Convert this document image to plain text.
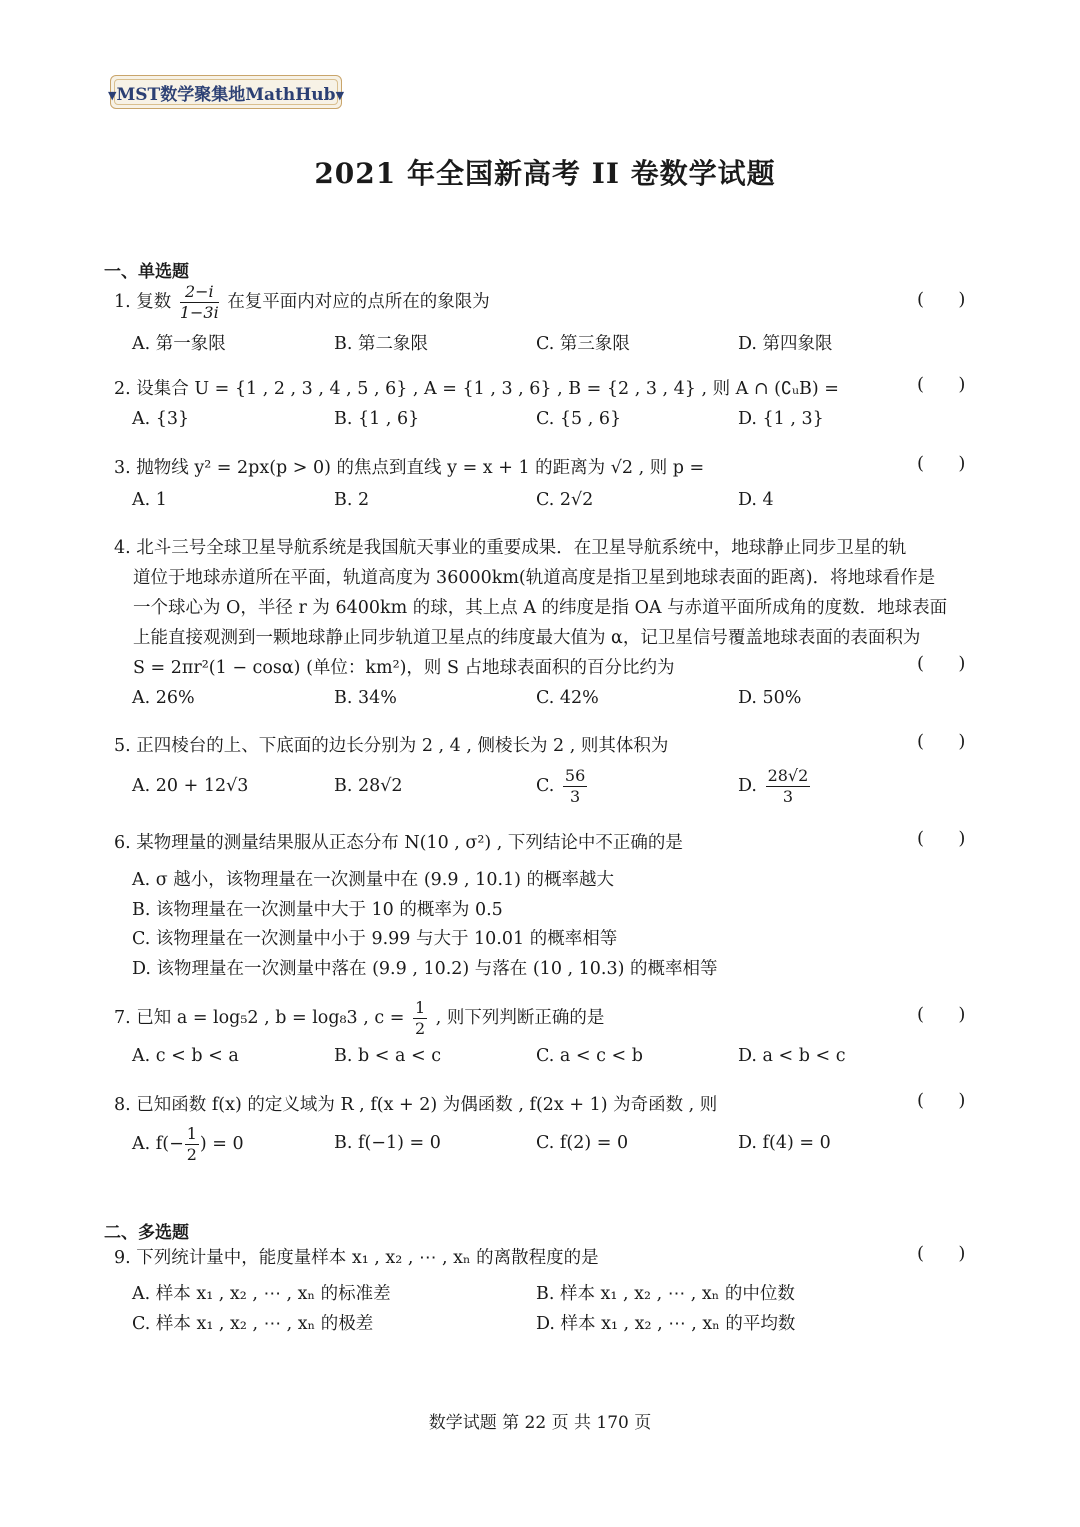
▼MST数学聚集地MathHub▼
2021 年全国新高考 II 卷数学试题
一、单选题
1. 复数 $\frac{2-i}{1-3i}$ 在复平面内对应的点所在的象限为	(      )
A. 第一象限	B. 第二象限	C. 第三象限	D. 第四象限
2. 设集合 U = {1 , 2 , 3 , 4 , 5 , 6} , A = {1 , 3 , 6} , B = {2 , 3 , 4} , 则 A ∩ (∁ᵤB) =	(      )
A. {3}	B. {1 , 6}	C. {5 , 6}	D. {1 , 3}
3. 抛物线 y² = 2px(p > 0) 的焦点到直线 y = x + 1 的距离为 √2 , 则 p =	(      )
A. 1	B. 2	C. 2√2	D. 4
4. 北斗三号全球卫星导航系统是我国航天事业的重要成果．在卫星导航系统中，地球静止同步卫星的轨
道位于地球赤道所在平面，轨道高度为 36000km(轨道高度是指卫星到地球表面的距离)．将地球看作是
一个球心为 O，半径 r 为 6400km 的球，其上点 A 的纬度是指 OA 与赤道平面所成角的度数．地球表面
上能直接观测到一颗地球静止同步轨道卫星点的纬度最大值为 α，记卫星信号覆盖地球表面的表面积为
S = 2πr²(1 − cosα) (单位：km²)，则 S 占地球表面积的百分比约为	(      )
A. 26%	B. 34%	C. 42%	D. 50%
5. 正四棱台的上、下底面的边长分别为 2 , 4 , 侧棱长为 2 , 则其体积为	(      )
A. 20 + 12√3	B. 28√2	C. $\frac{56}{3}$	D. $\frac{28√2}{3}$
6. 某物理量的测量结果服从正态分布 N(10 , σ²) , 下列结论中不正确的是	(      )
A. σ 越小，该物理量在一次测量中在 (9.9 , 10.1) 的概率越大
B. 该物理量在一次测量中大于 10 的概率为 0.5
C. 该物理量在一次测量中小于 9.99 与大于 10.01 的概率相等
D. 该物理量在一次测量中落在 (9.9 , 10.2) 与落在 (10 , 10.3) 的概率相等
7. 已知 a = log₅2 , b = log₈3 , $c = \frac{1}{2}$ , 则下列判断正确的是	(      )
A. c < b < a	B. b < a < c	C. a < c < b	D. a < b < c
8. 已知函数 f(x) 的定义域为 R , f(x + 2) 为偶函数 , f(2x + 1) 为奇函数 , 则	(      )
A. $f(- \frac{1}{2}$ ) = 0	B. f(−1) = 0	C. f(2) = 0	D. f(4) = 0
二、多选题
9. 下列统计量中，能度量样本 x₁ , x₂ , ⋯ , xₙ 的离散程度的是	(      )
A. 样本 x₁ , x₂ , ⋯ , xₙ 的标准差	B. 样本 x₁ , x₂ , ⋯ , xₙ 的中位数
C. 样本 x₁ , x₂ , ⋯ , xₙ 的极差	D. 样本 x₁ , x₂ , ⋯ , xₙ 的平均数
数学试题 第 22 页 共 170 页
